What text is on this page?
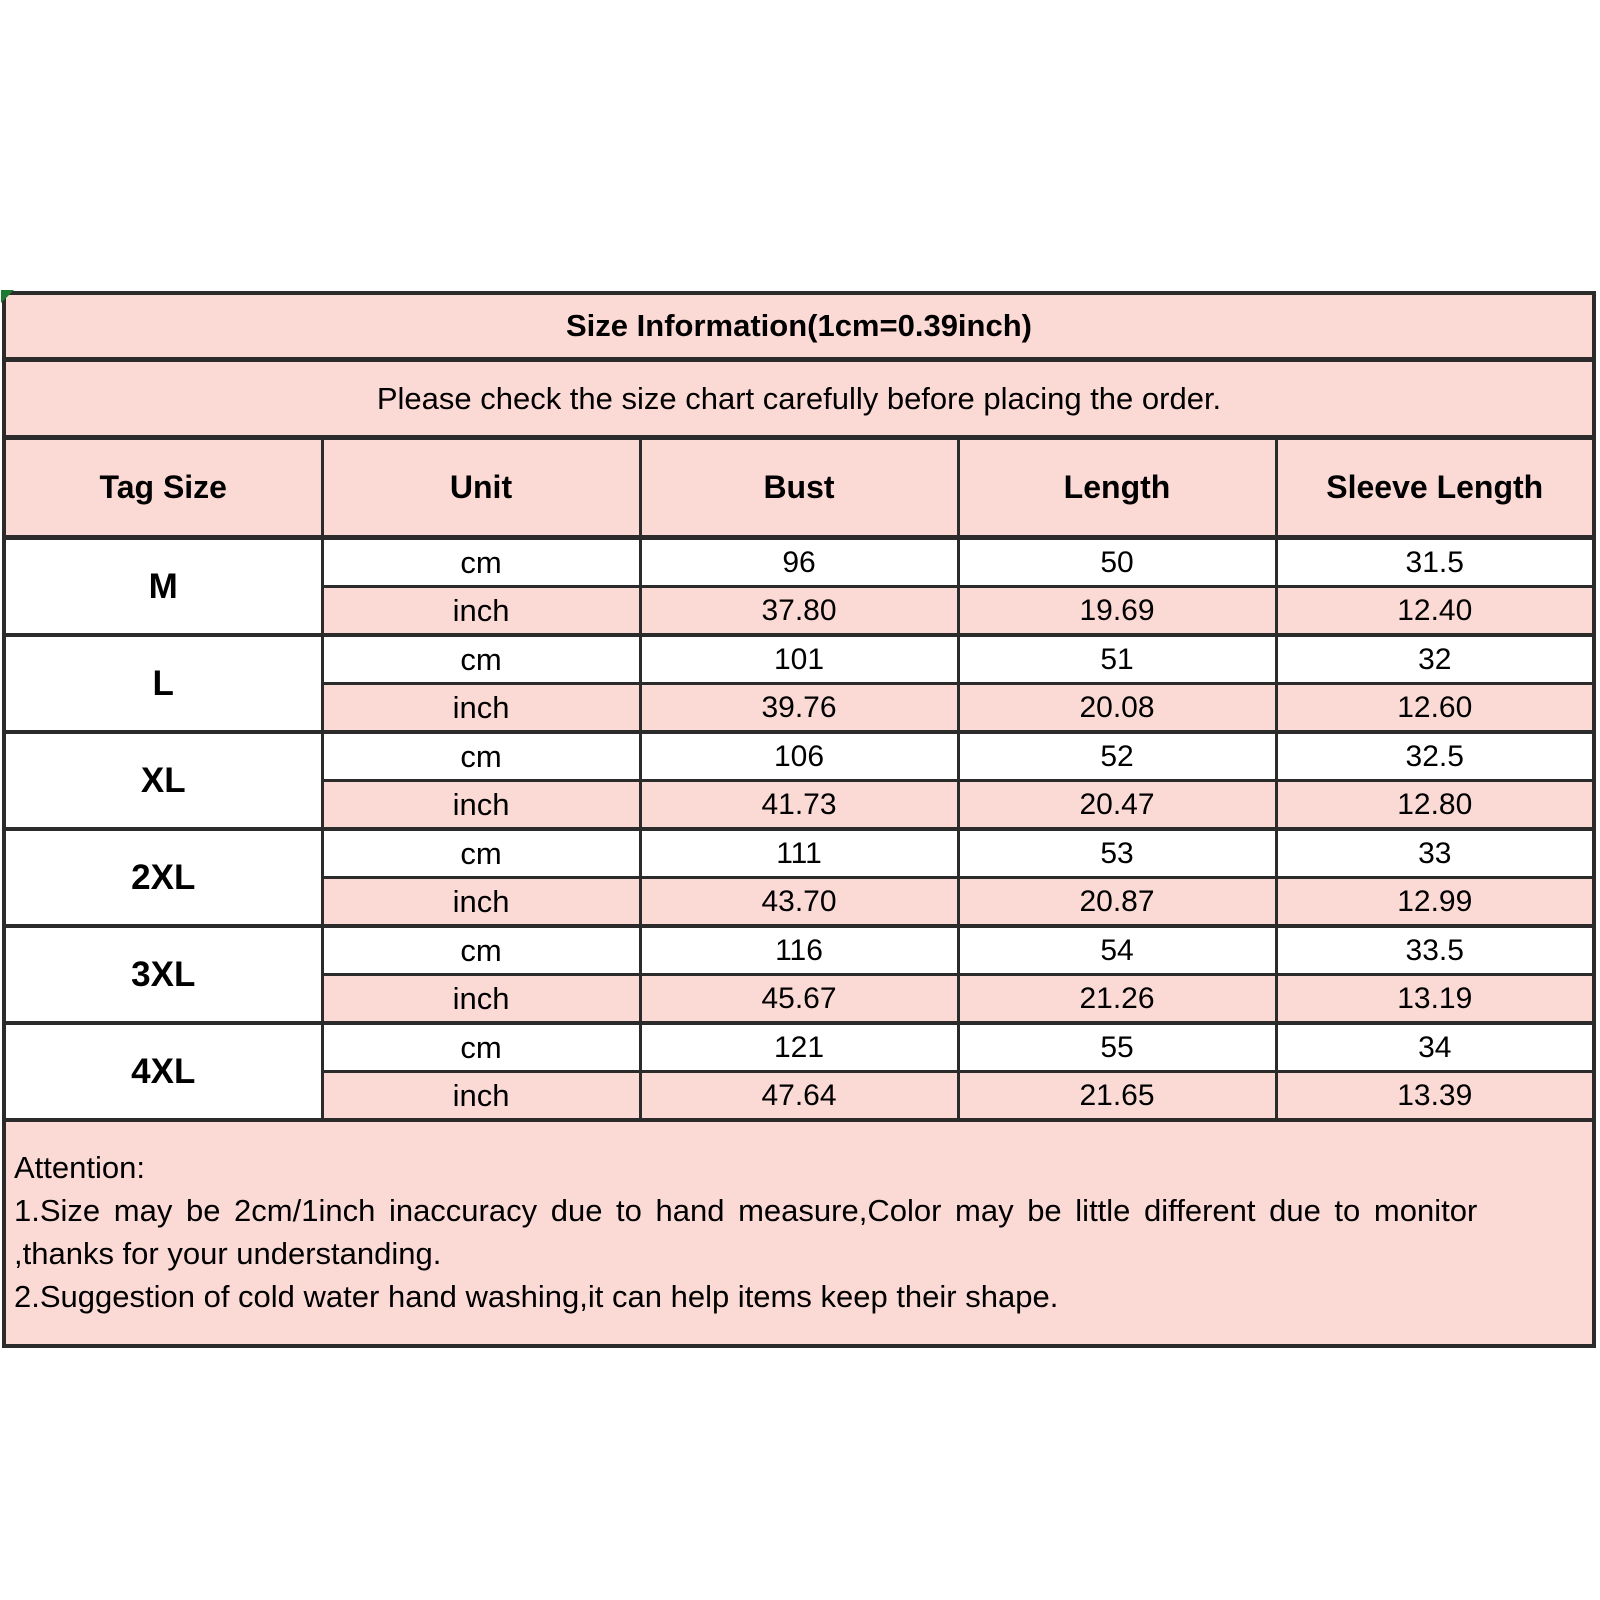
Size Information(1cm=0.39inch)				
Please check the size chart carefully before placing the order.				
Tag Size	Unit	Bust	Length	Sleeve Length
M	cm	96	50	31.5
	inch	37.80	19.69	12.40
L	cm	101	51	32
	inch	39.76	20.08	12.60
XL	cm	106	52	32.5
	inch	41.73	20.47	12.80
2XL	cm	111	53	33
	inch	43.70	20.87	12.99
3XL	cm	116	54	33.5
	inch	45.67	21.26	13.19
4XL	cm	121	55	34
	inch	47.64	21.65	13.39

Attention:
1.Size may be 2cm/1inch inaccuracy due to hand measure,Color may be little different due to monitor
,thanks for your understanding.
2.Suggestion of cold water hand washing,it can help items keep their shape.				
